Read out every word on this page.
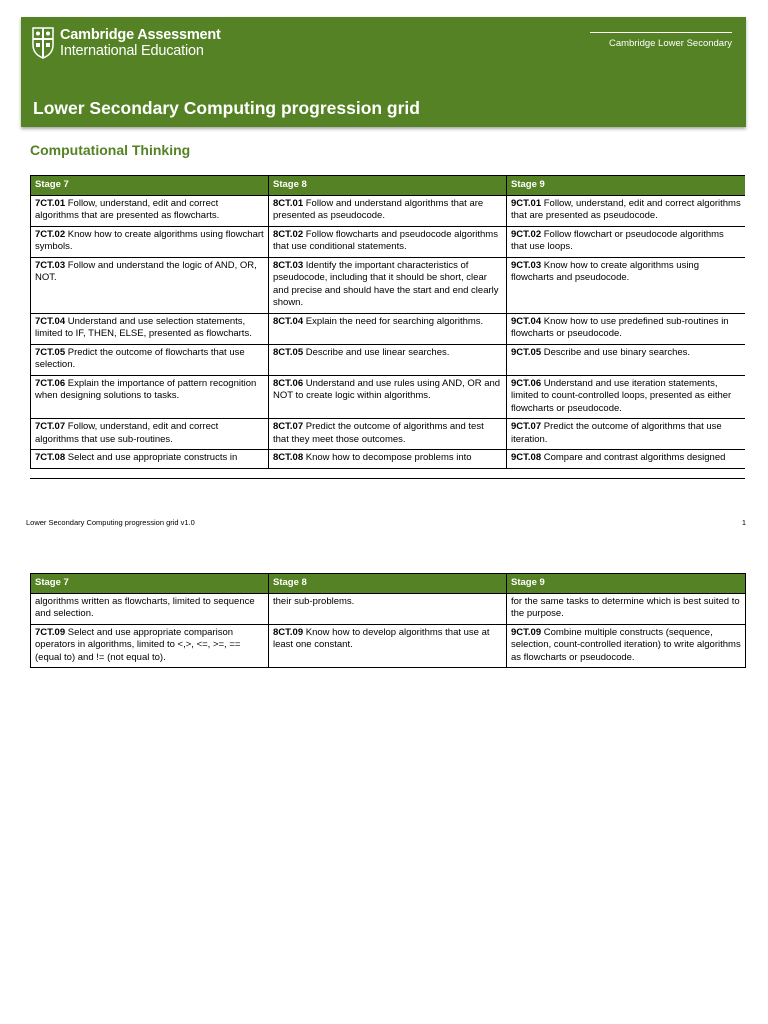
Cambridge Assessment
International Education	Cambridge Lower Secondary
Lower Secondary Computing progression grid
Computational Thinking
Stage 7	Stage 8	Stage 9
7CT.01 Follow, understand, edit and correct algorithms that are presented as flowcharts.	8CT.01 Follow and understand algorithms that are presented as pseudocode.	9CT.01 Follow, understand, edit and correct algorithms that are presented as pseudocode.
7CT.02 Know how to create algorithms using flowchart symbols.	8CT.02 Follow flowcharts and pseudocode algorithms that use conditional statements.	9CT.02 Follow flowchart or pseudocode algorithms that use loops.
7CT.03 Follow and understand the logic of AND, OR, NOT.	8CT.03 Identify the important characteristics of pseudocode, including that it should be short, clear and precise and should have the start and end clearly shown.	9CT.03 Know how to create algorithms using flowcharts and pseudocode.
7CT.04 Understand and use selection statements, limited to IF, THEN, ELSE, presented as flowcharts.	8CT.04 Explain the need for searching algorithms.	9CT.04 Know how to use predefined sub-routines in flowcharts or pseudocode.
7CT.05 Predict the outcome of flowcharts that use selection.	8CT.05 Describe and use linear searches.	9CT.05 Describe and use binary searches.
7CT.06 Explain the importance of pattern recognition when designing solutions to tasks.	8CT.06 Understand and use rules using AND, OR and NOT to create logic within algorithms.	9CT.06 Understand and use iteration statements, limited to count-controlled loops, presented as either flowcharts or pseudocode.
7CT.07 Follow, understand, edit and correct algorithms that use sub-routines.	8CT.07 Predict the outcome of algorithms and test that they meet those outcomes.	9CT.07 Predict the outcome of algorithms that use iteration.
7CT.08 Select and use appropriate constructs in	8CT.08 Know how to decompose problems into	9CT.08 Compare and contrast algorithms designed
Lower Secondary Computing progression grid v1.0	1
Stage 7	Stage 8	Stage 9
algorithms written as flowcharts, limited to sequence and selection.	their sub-problems.	for the same tasks to determine which is best suited to the purpose.
7CT.09 Select and use appropriate comparison operators in algorithms, limited to <,>, <=, >=, == (equal to) and != (not equal to).	8CT.09 Know how to develop algorithms that use at least one constant.	9CT.09 Combine multiple constructs (sequence, selection, count-controlled iteration) to write algorithms as flowcharts or pseudocode.
